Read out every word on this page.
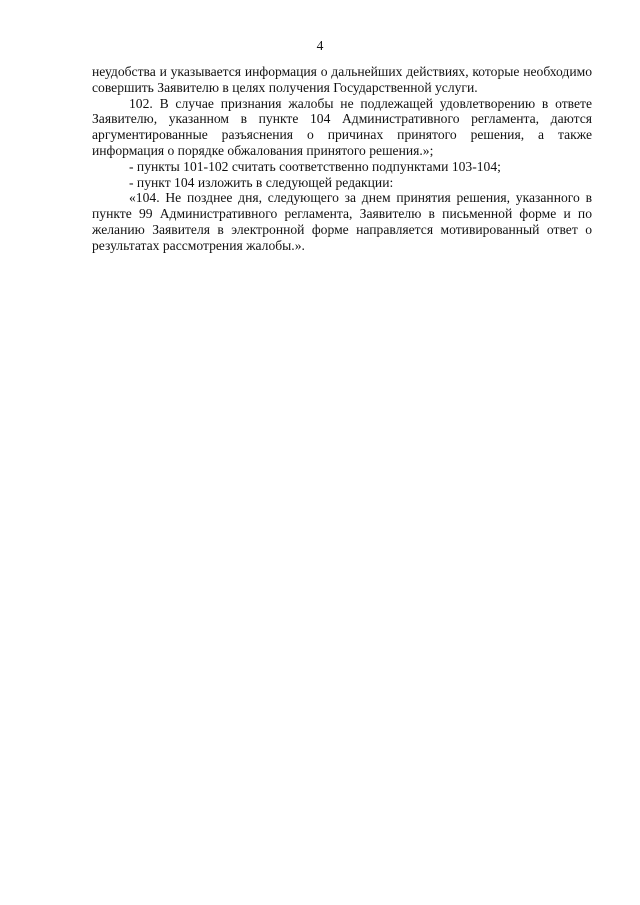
4

неудобства и указывается информация о дальнейших действиях, которые необходимо совершить Заявителю в целях получения Государственной услуги.

102. В случае признания жалобы не подлежащей удовлетворению в ответе Заявителю, указанном в пункте 104 Административного регламента, даются аргументированные разъяснения о причинах принятого решения, а также информация о порядке обжалования принятого решения.»;

- пункты 101-102 считать соответственно подпунктами 103-104;

- пункт 104 изложить в следующей редакции:

«104. Не позднее дня, следующего за днем принятия решения, указанного в пункте 99 Административного регламента, Заявителю в письменной форме и по желанию Заявителя в электронной форме направляется мотивированный ответ о результатах рассмотрения жалобы.».
